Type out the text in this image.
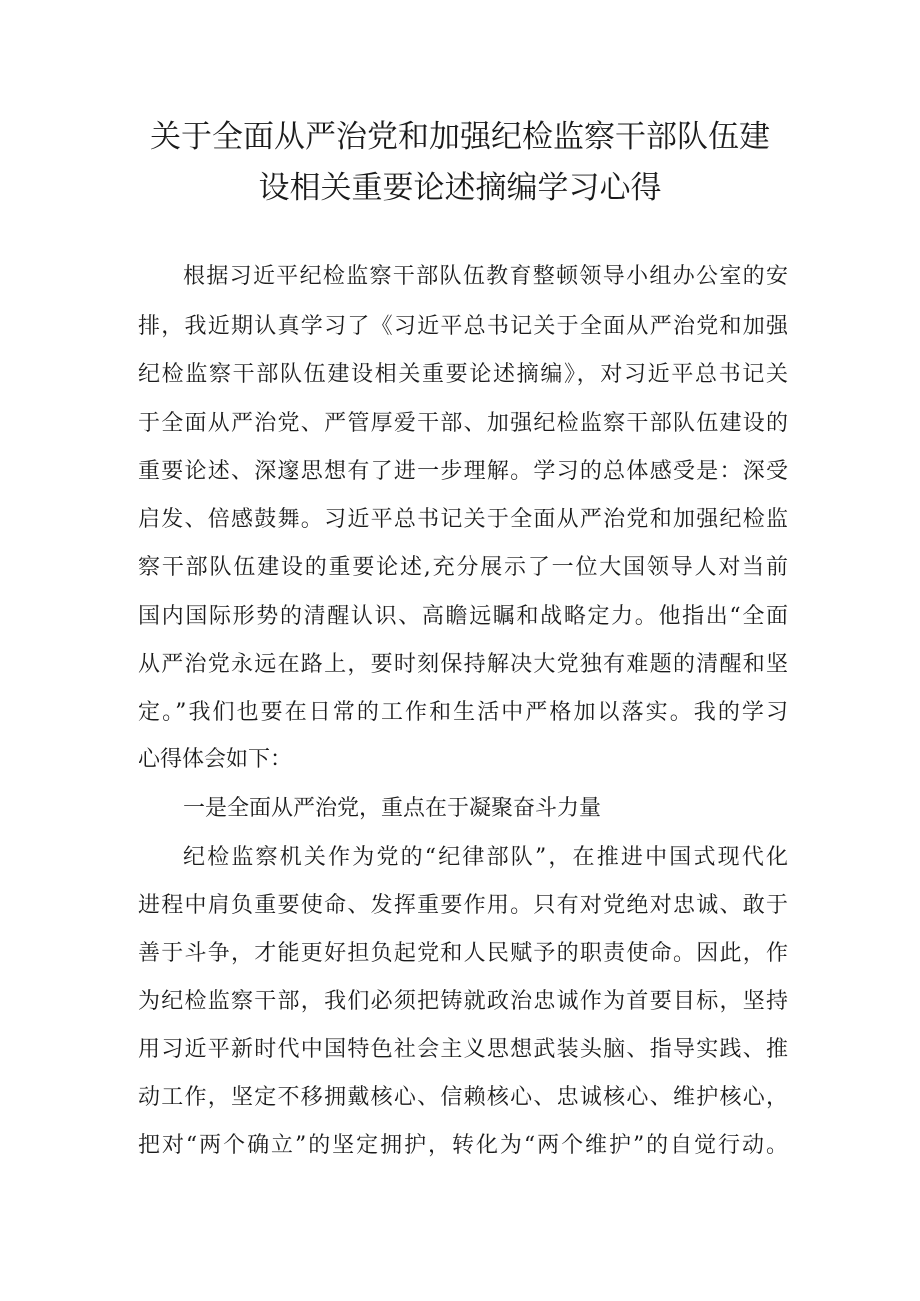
关于全面从严治党和加强纪检监察干部队伍建
设相关重要论述摘编学习心得
根据习近平纪检监察干部队伍教育整顿领导小组办公室的安
排，我近期认真学习了《习近平总书记关于全面从严治党和加强
纪检监察干部队伍建设相关重要论述摘编》，对习近平总书记关
于全面从严治党、严管厚爱干部、加强纪检监察干部队伍建设的
重要论述、深邃思想有了进一步理解。学习的总体感受是：深受
启发、倍感鼓舞。习近平总书记关于全面从严治党和加强纪检监
察干部队伍建设的重要论述,充分展示了一位大国领导人对当前
国内国际形势的清醒认识、高瞻远瞩和战略定力。他指出“全面
从严治党永远在路上，要时刻保持解决大党独有难题的清醒和坚
定。”我们也要在日常的工作和生活中严格加以落实。我的学习
心得体会如下：
一是全面从严治党，重点在于凝聚奋斗力量
纪检监察机关作为党的“纪律部队”，在推进中国式现代化
进程中肩负重要使命、发挥重要作用。只有对党绝对忠诚、敢于
善于斗争，才能更好担负起党和人民赋予的职责使命。因此，作
为纪检监察干部，我们必须把铸就政治忠诚作为首要目标，坚持
用习近平新时代中国特色社会主义思想武装头脑、指导实践、推
动工作，坚定不移拥戴核心、信赖核心、忠诚核心、维护核心，
把对“两个确立”的坚定拥护，转化为“两个维护”的自觉行动。
